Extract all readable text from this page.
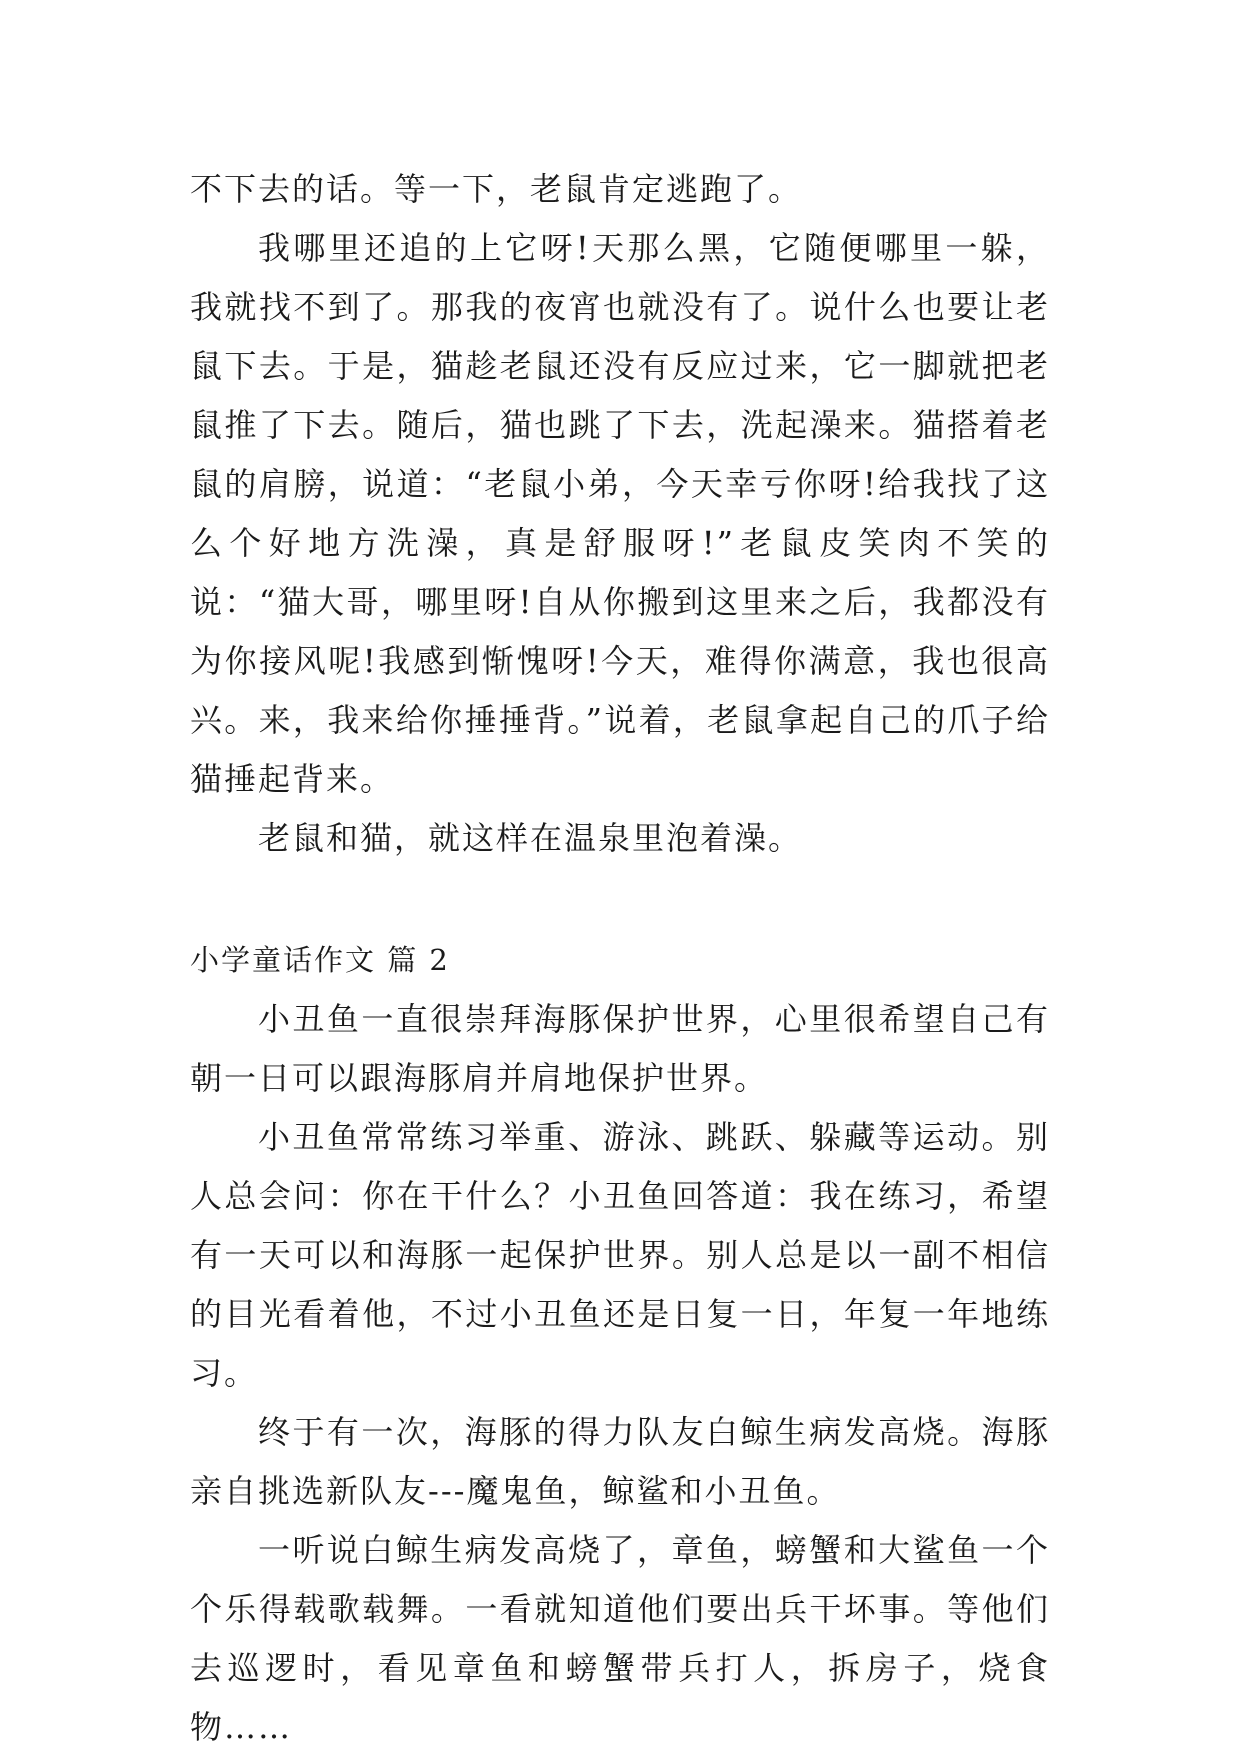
不下去的话。等一下，老鼠肯定逃跑了。

我哪里还追的上它呀!天那么黑，它随便哪里一躲，我就找不到了。那我的夜宵也就没有了。说什么也要让老鼠下去。于是，猫趁老鼠还没有反应过来，它一脚就把老鼠推了下去。随后，猫也跳了下去，洗起澡来。猫搭着老鼠的肩膀，说道：“老鼠小弟，今天幸亏你呀!给我找了这么个好地方洗澡，真是舒服呀!”老鼠皮笑肉不笑的说：“猫大哥，哪里呀!自从你搬到这里来之后，我都没有为你接风呢!我感到惭愧呀!今天，难得你满意，我也很高兴。来，我来给你捶捶背。”说着，老鼠拿起自己的爪子给猫捶起背来。

老鼠和猫，就这样在温泉里泡着澡。

小学童话作文 篇 2

小丑鱼一直很崇拜海豚保护世界，心里很希望自己有朝一日可以跟海豚肩并肩地保护世界。

小丑鱼常常练习举重、游泳、跳跃、躲藏等运动。别人总会问：你在干什么？小丑鱼回答道：我在练习，希望有一天可以和海豚一起保护世界。别人总是以一副不相信的目光看着他，不过小丑鱼还是日复一日，年复一年地练习。

终于有一次，海豚的得力队友白鲸生病发高烧。海豚亲自挑选新队友---魔鬼鱼，鲸鲨和小丑鱼。

一听说白鲸生病发高烧了，章鱼，螃蟹和大鲨鱼一个个乐得载歌载舞。一看就知道他们要出兵干坏事。等他们去巡逻时，看见章鱼和螃蟹带兵打人，拆房子，烧食物……
